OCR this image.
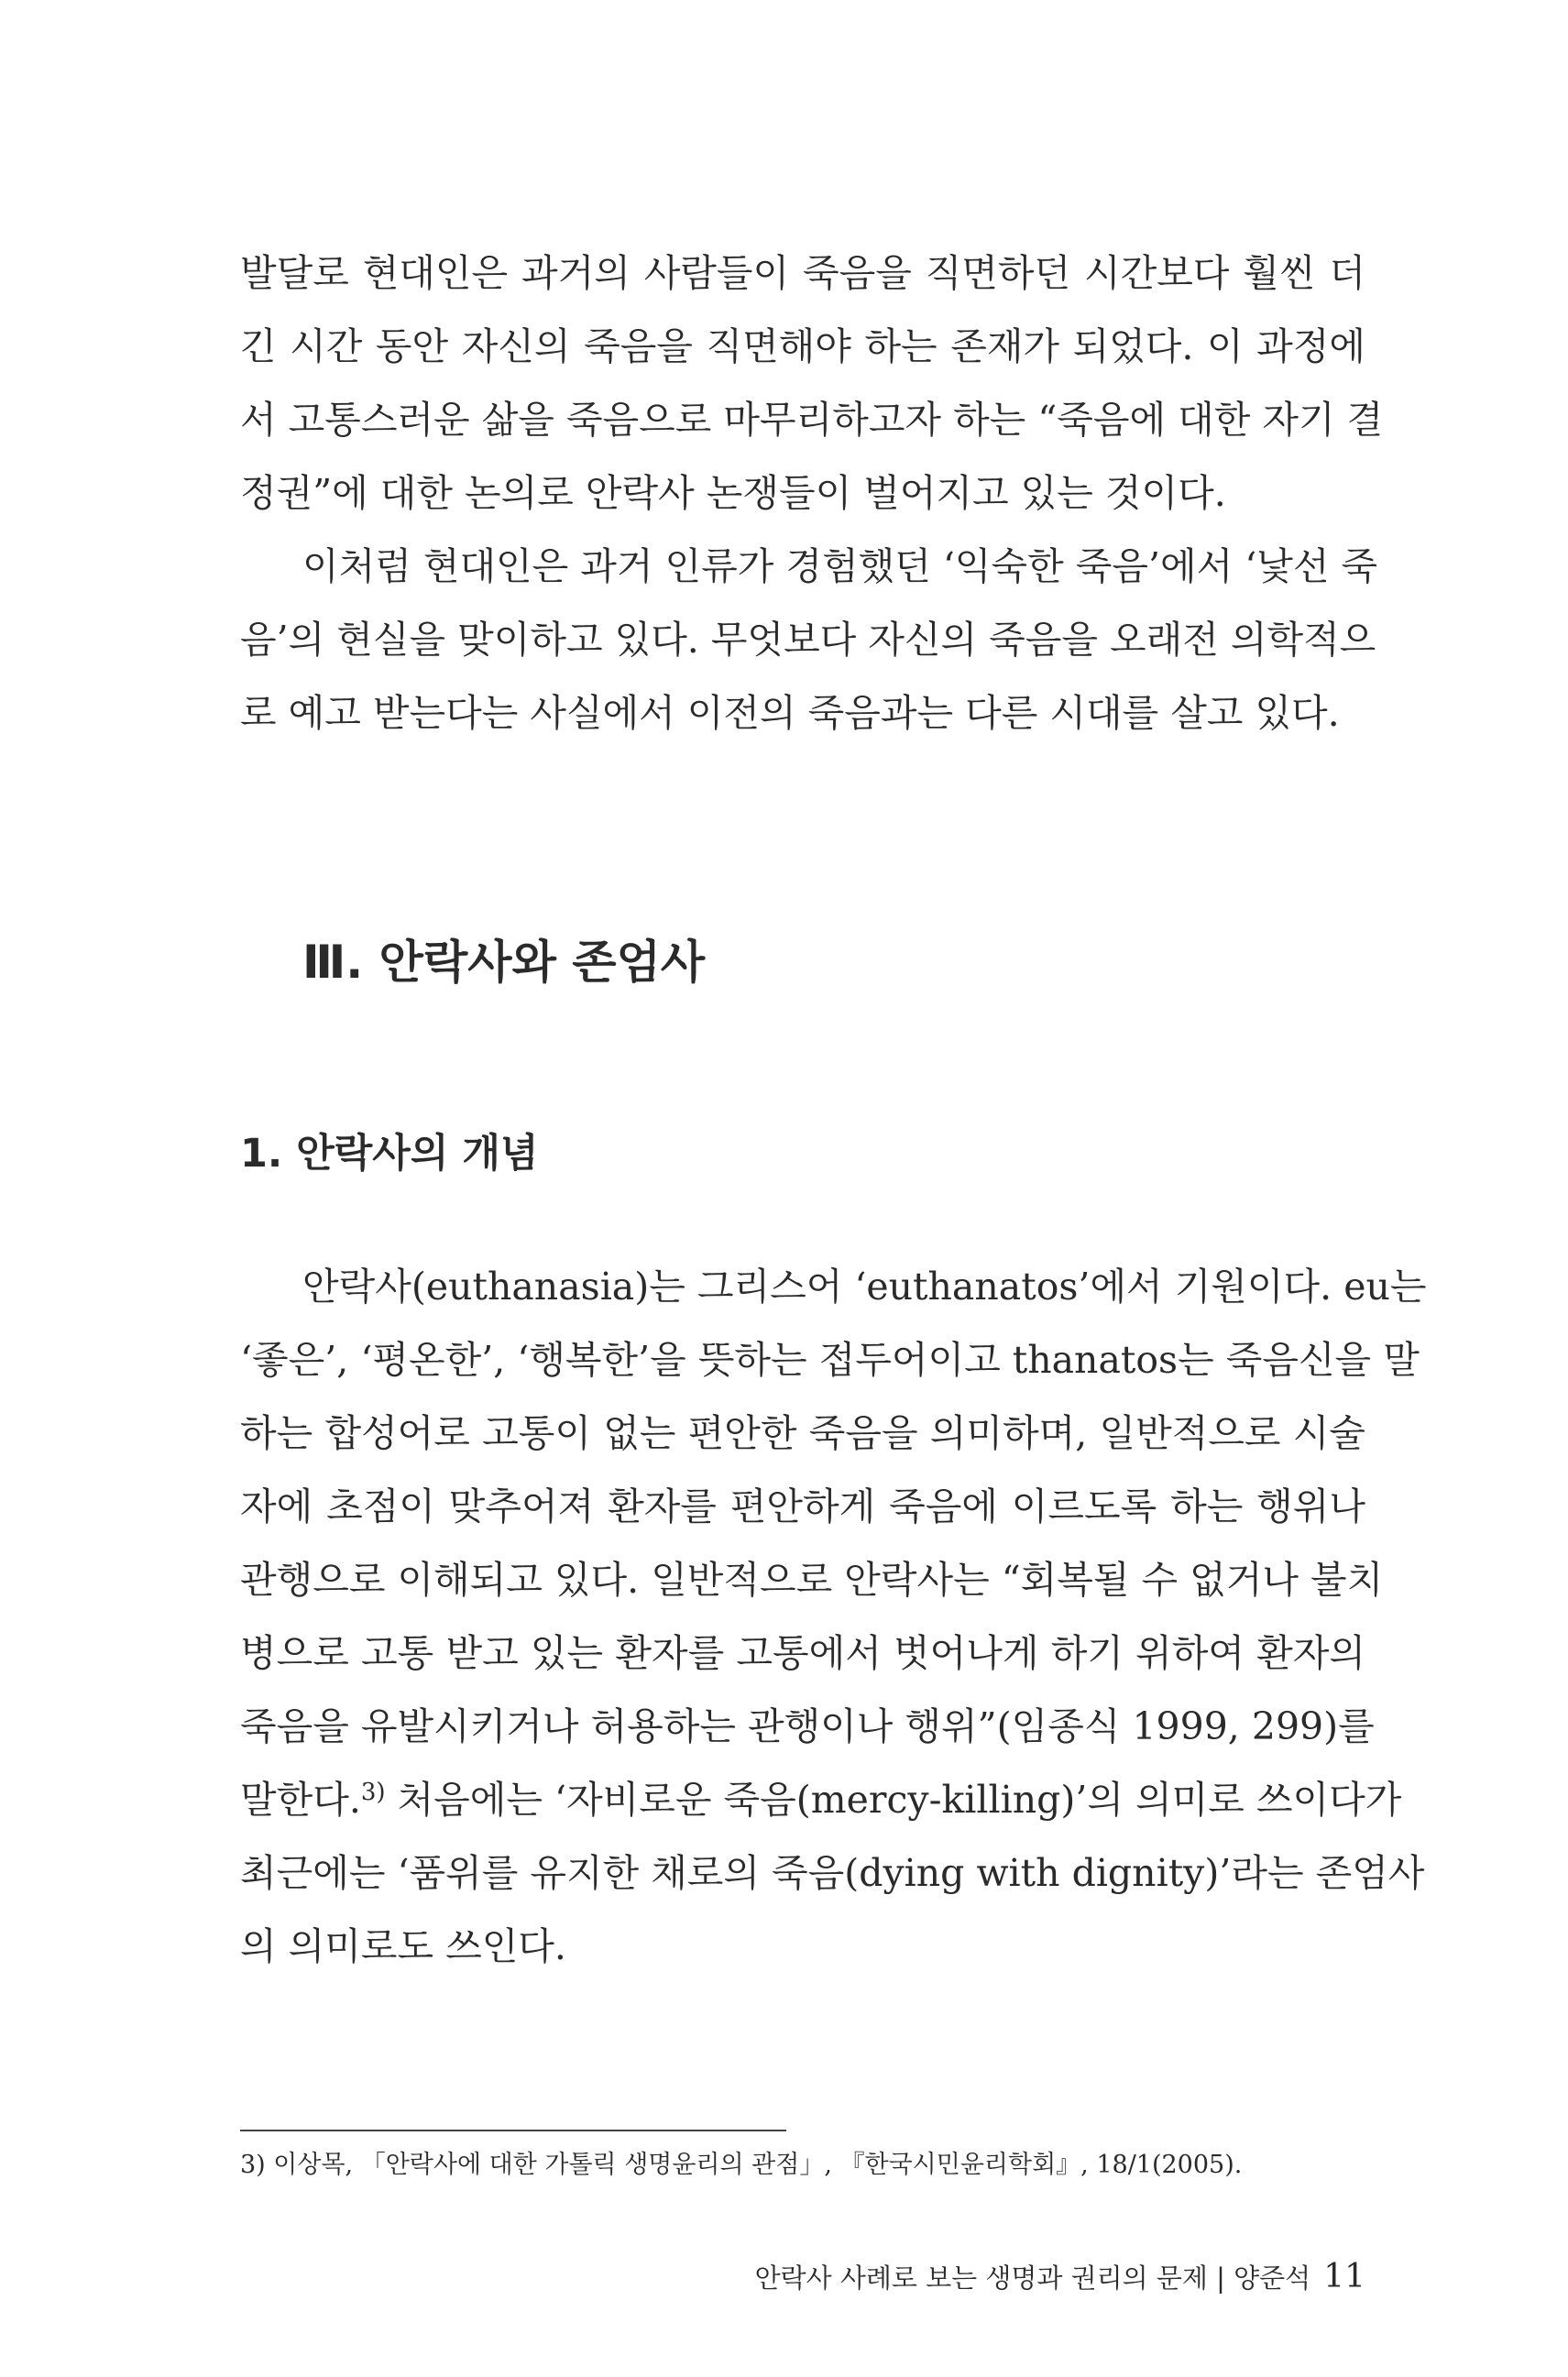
발달로 현대인은 과거의 사람들이 죽음을 직면하던 시간보다 훨씬 더
긴 시간 동안 자신의 죽음을 직면해야 하는 존재가 되었다. 이 과정에
서 고통스러운 삶을 죽음으로 마무리하고자 하는 “죽음에 대한 자기 결
정권”에 대한 논의로 안락사 논쟁들이 벌어지고 있는 것이다.
이처럼 현대인은 과거 인류가 경험했던 ‘익숙한 죽음’에서 ‘낯선 죽
음’의 현실을 맞이하고 있다. 무엇보다 자신의 죽음을 오래전 의학적으
로 예고 받는다는 사실에서 이전의 죽음과는 다른 시대를 살고 있다.
Ⅲ. 안락사와 존엄사
1. 안락사의 개념
안락사(euthanasia)는 그리스어 ‘euthanatos’에서 기원이다. eu는
‘좋은’, ‘평온한’, ‘행복한’을 뜻하는 접두어이고 thanatos는 죽음신을 말
하는 합성어로 고통이 없는 편안한 죽음을 의미하며, 일반적으로 시술
자에 초점이 맞추어져 환자를 편안하게 죽음에 이르도록 하는 행위나
관행으로 이해되고 있다. 일반적으로 안락사는 “회복될 수 없거나 불치
병으로 고통 받고 있는 환자를 고통에서 벗어나게 하기 위하여 환자의
죽음을 유발시키거나 허용하는 관행이나 행위”(임종식 1999, 299)를
말한다.$^{3)}$ 처음에는 ‘자비로운 죽음(mercy-killing)’의 의미로 쓰이다가
최근에는 ‘품위를 유지한 채로의 죽음(dying with dignity)’라는 존엄사
의 의미로도 쓰인다.
3) 이상목, 「안락사에 대한 가톨릭 생명윤리의 관점」, 『한국시민윤리학회』, 18/1(2005).
안락사 사례로 보는 생명과 권리의 문제 | 양준석 11
